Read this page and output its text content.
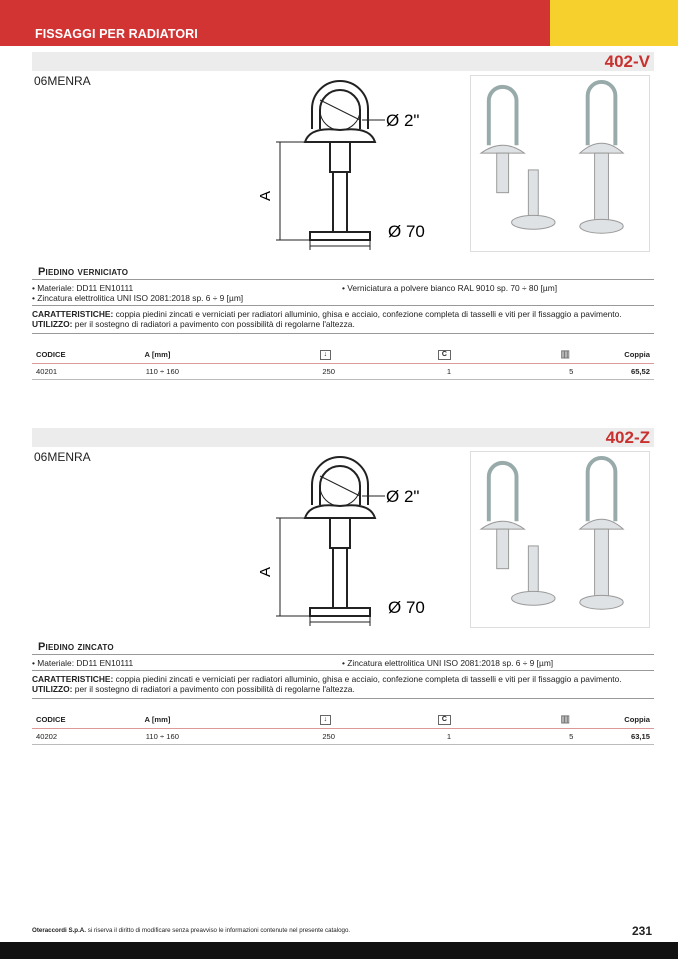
FISSAGGI PER RADIATORI
402-V
06MENRA
Ø 2"
A
Ø 70
Piedino verniciato
• Materiale: DD11 EN10111	• Verniciatura a polvere bianco RAL 9010 sp. 70 ÷ 80 [µm]
• Zincatura elettrolitica UNI ISO 2081:2018 sp. 6 ÷ 9 [µm]
CARATTERISTICHE: coppia piedini zincati e verniciati per radiatori alluminio, ghisa e acciaio, confezione completa di tasselli e viti per il fissaggio a pavimento.
UTILIZZO: per il sostegno di radiatori a pavimento con possibilità di regolarne l'altezza.
CODICE	A [mm]	↓	C	▥	Coppia
40201	110 ÷ 160	250	1	5	65,52
402-Z
06MENRA
Ø 2"
A
Ø 70
Piedino zincato
• Materiale: DD11 EN10111	• Zincatura elettrolitica UNI ISO 2081:2018 sp. 6 ÷ 9 [µm]
CARATTERISTICHE: coppia piedini zincati e verniciati per radiatori alluminio, ghisa e acciaio, confezione completa di tasselli e viti per il fissaggio a pavimento.
UTILIZZO: per il sostegno di radiatori a pavimento con possibilità di regolarne l'altezza.
CODICE	A [mm]	↓	C	▥	Coppia
40202	110 ÷ 160	250	1	5	63,15
Oteraccordi S.p.A. si riserva il diritto di modificare senza preavviso le informazioni contenute nel presente catalogo.	231
